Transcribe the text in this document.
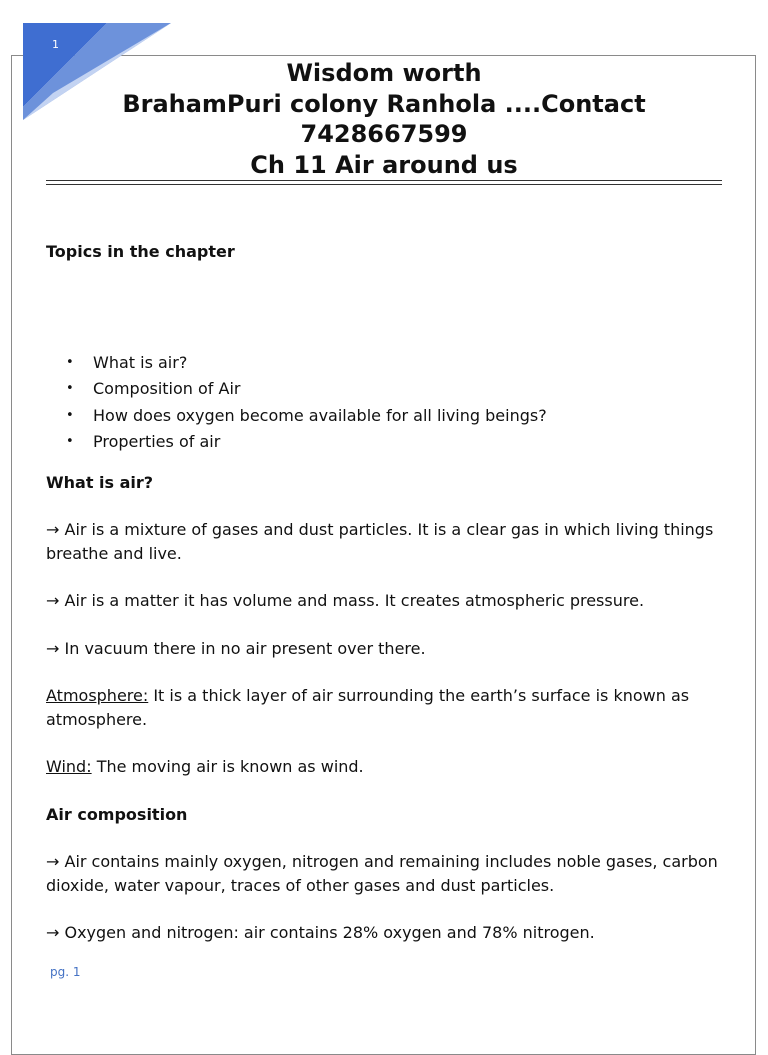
1
Wisdom worth
BrahamPuri colony Ranhola ....Contact
7428667599
Ch 11 Air around us

Topics in the chapter

• What is air?
• Composition of Air
• How does oxygen become available for all living beings?
• Properties of air

What is air?

→ Air is a mixture of gases and dust particles. It is a clear gas in which living things breathe and live.

→ Air is a matter it has volume and mass. It creates atmospheric pressure.

→ In vacuum there in no air present over there.

Atmosphere: It is a thick layer of air surrounding the earth’s surface is known as atmosphere.

Wind: The moving air is known as wind.

Air composition

→ Air contains mainly oxygen, nitrogen and remaining includes noble gases, carbon dioxide, water vapour, traces of other gases and dust particles.

→ Oxygen and nitrogen: air contains 28% oxygen and 78% nitrogen.

pg. 1
